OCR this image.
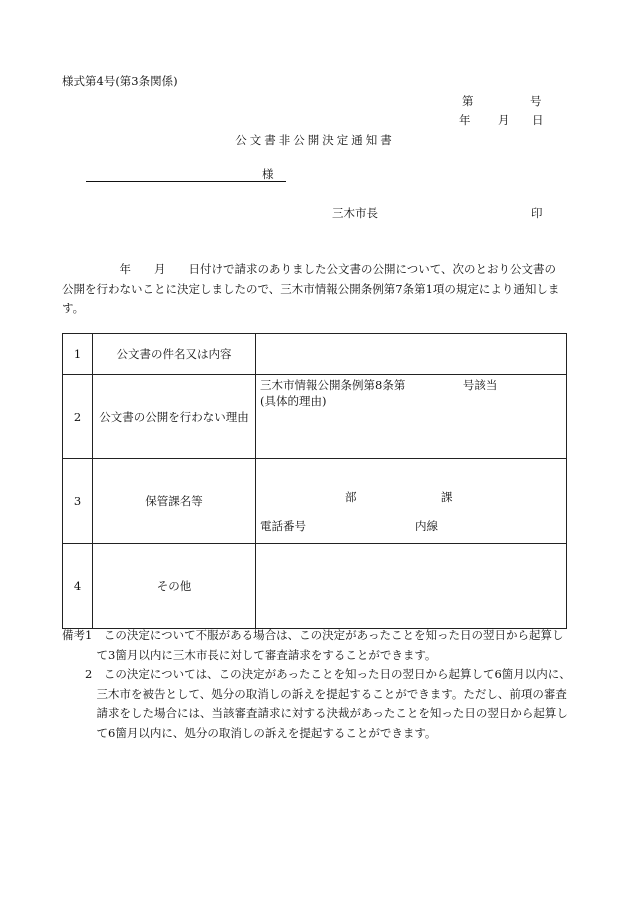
様式第4号(第3条関係)
第	号
年 月 日
公文書非公開決定通知書
様
三木市長	印
　　　　　年　　月　　日付けで請求のありました公文書の公開について、次のとおり公文書の
公開を行わないことに決定しましたので、三木市情報公開条例第7条第1項の規定により通知しま
す。
1	公文書の件名又は内容	
2	公文書の公開を行わない理由	三木市情報公開条例第8条第　　　　　号該当
(具体的理由)

3	保管課名等	部 課
電話番号 内線

4	その他	
備考1　この決定について不服がある場合は、この決定があったことを知った日の翌日から起算し
　　　て3箇月以内に三木市長に対して審査請求をすることができます。
　　2　この決定については、この決定があったことを知った日の翌日から起算して6箇月以内に、
　　　三木市を被告として、処分の取消しの訴えを提起することができます。ただし、前項の審査
　　　請求をした場合には、当該審査請求に対する決裁があったことを知った日の翌日から起算し
　　　て6箇月以内に、処分の取消しの訴えを提起することができます。
